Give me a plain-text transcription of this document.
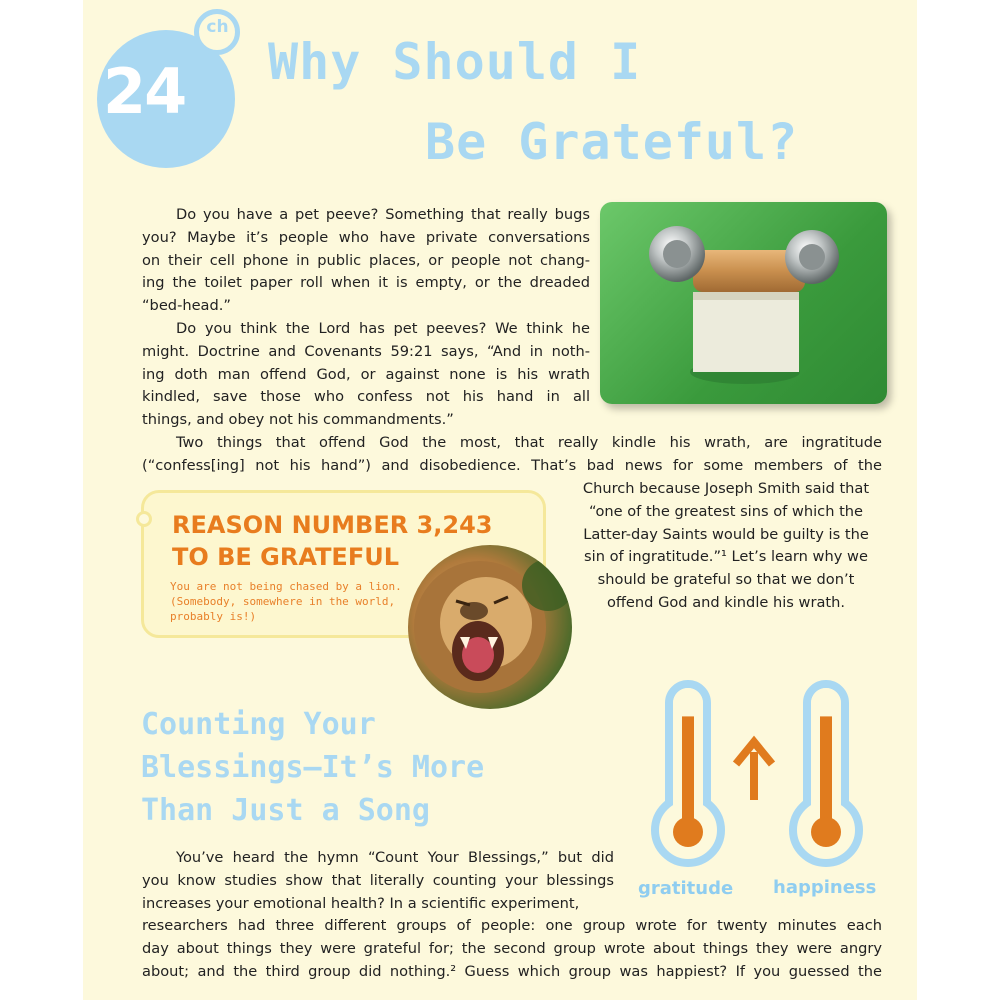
ch
24 Why Should I
Be Grateful?
Do you have a pet peeve? Something that really bugs
you? Maybe it’s people who have private conversations
on their cell phone in public places, or people not chang-
ing the toilet paper roll when it is empty, or the dreaded
“bed-head.”
Do you think the Lord has pet peeves? We think he
might. Doctrine and Covenants 59:21 says, “And in noth-
ing doth man offend God, or against none is his wrath
kindled, save those who confess not his hand in all
things, and obey not his commandments.”
Two things that offend God the most, that really kindle his wrath, are ingratitude
(“confess[ing] not his hand”) and disobedience. That’s bad news for some members of the
Church because Joseph Smith said that
“one of the greatest sins of which the
Latter-day Saints would be guilty is the
sin of ingratitude.”¹ Let’s learn why we
should be grateful so that we don’t
offend God and kindle his wrath.
REASON NUMBER 3,243
TO BE GRATEFUL
You are not being chased by a lion. (Somebody, somewhere in the world, probably is!)
Counting Your
Blessings—It’s More
Than Just a Song
gratitude happiness
You’ve heard the hymn “Count Your Blessings,” but did
you know studies show that literally counting your blessings
increases your emotional health? In a scientific experiment,
researchers had three different groups of people: one group wrote for twenty minutes each
day about things they were grateful for; the second group wrote about things they were angry
about; and the third group did nothing.² Guess which group was happiest? If you guessed the
